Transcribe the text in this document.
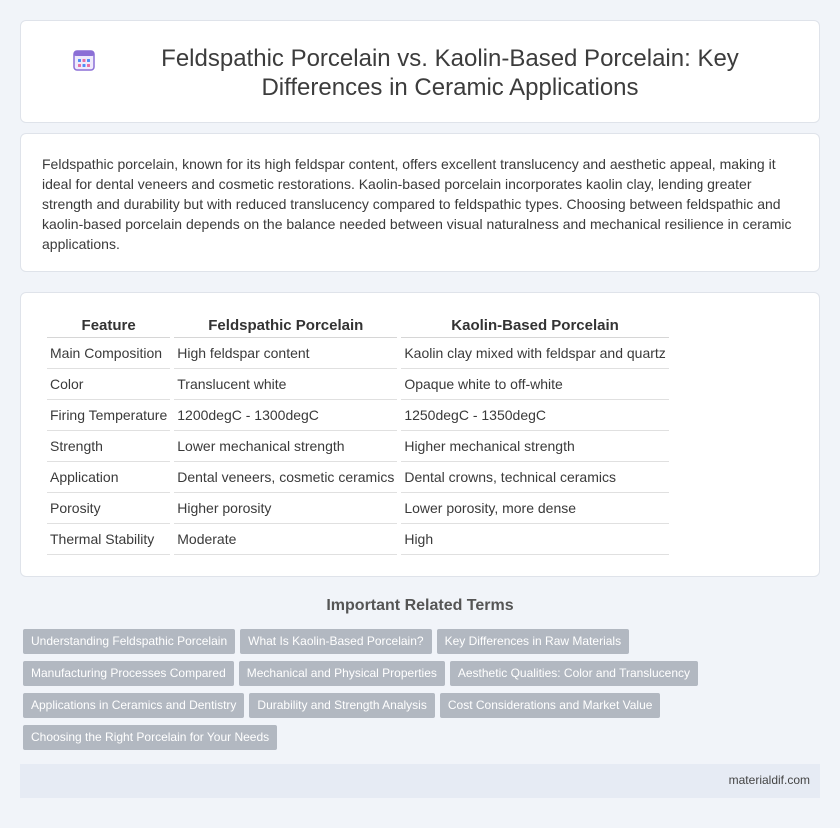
Feldspathic Porcelain vs. Kaolin-Based Porcelain: Key Differences in Ceramic Applications

Feldspathic porcelain, known for its high feldspar content, offers excellent translucency and aesthetic appeal, making it ideal for dental veneers and cosmetic restorations. Kaolin-based porcelain incorporates kaolin clay, lending greater strength and durability but with reduced translucency compared to feldspathic types. Choosing between feldspathic and kaolin-based porcelain depends on the balance needed between visual naturalness and mechanical resilience in ceramic applications.

Feature	Feldspathic Porcelain	Kaolin-Based Porcelain
Main Composition	High feldspar content	Kaolin clay mixed with feldspar and quartz
Color	Translucent white	Opaque white to off-white
Firing Temperature	1200degC - 1300degC	1250degC - 1350degC
Strength	Lower mechanical strength	Higher mechanical strength
Application	Dental veneers, cosmetic ceramics	Dental crowns, technical ceramics
Porosity	Higher porosity	Lower porosity, more dense
Thermal Stability	Moderate	High
Important Related Terms
Understanding Feldspathic Porcelain What Is Kaolin-Based Porcelain? Key Differences in Raw Materials
Manufacturing Processes Compared Mechanical and Physical Properties Aesthetic Qualities: Color and Translucency
Applications in Ceramics and Dentistry Durability and Strength Analysis Cost Considerations and Market Value
Choosing the Right Porcelain for Your Needs
materialdif.com
